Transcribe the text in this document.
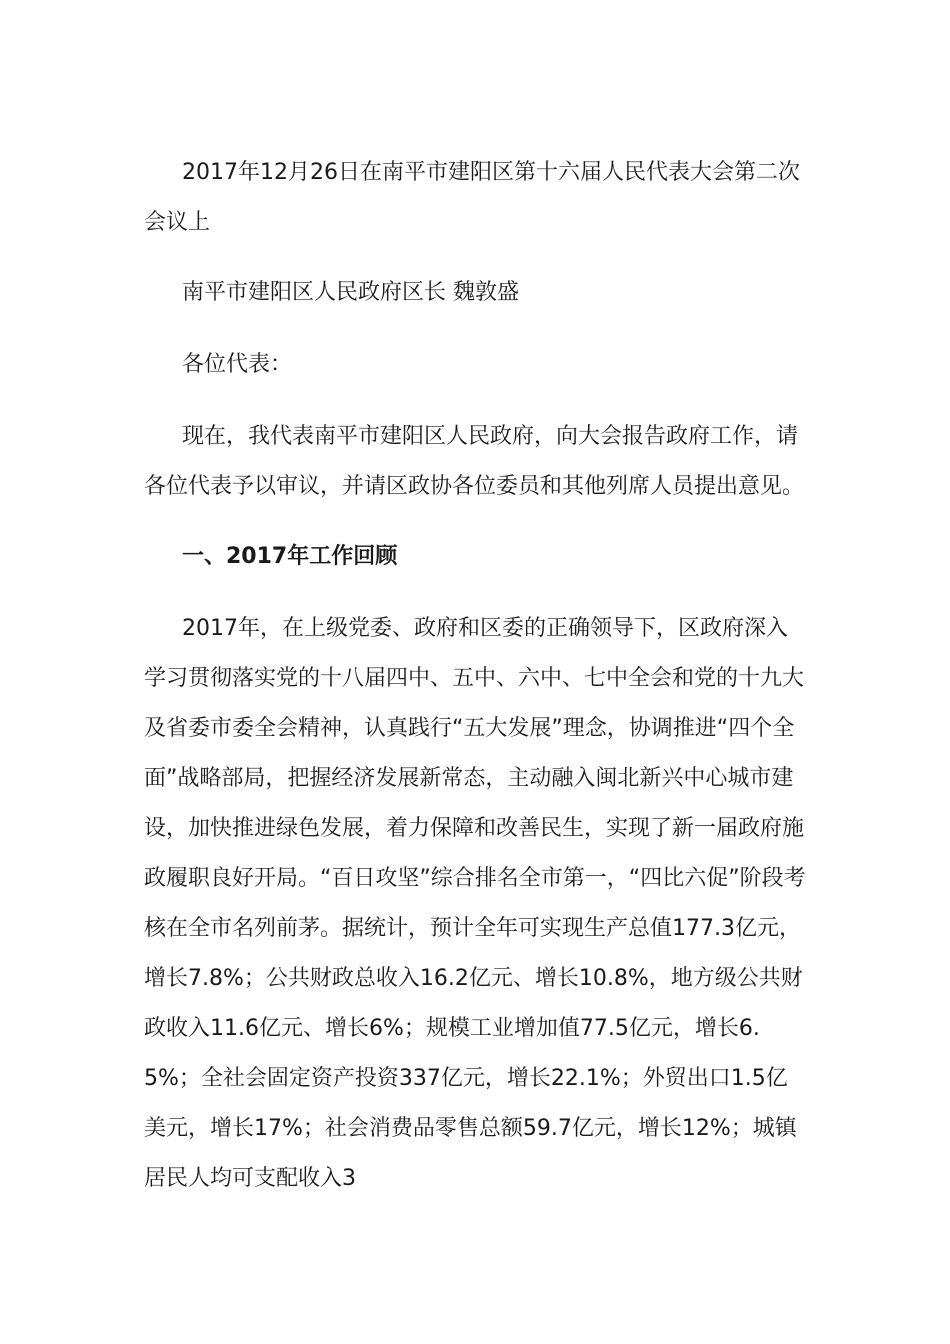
2017年12月26日在南平市建阳区第十六届人民代表大会第二次会议上

南平市建阳区人民政府区长 魏敦盛

各位代表：

现在，我代表南平市建阳区人民政府，向大会报告政府工作，请各位代表予以审议，并请区政协各位委员和其他列席人员提出意见。

一、2017年工作回顾

2017年，在上级党委、政府和区委的正确领导下，区政府深入学习贯彻落实党的十八届四中、五中、六中、七中全会和党的十九大及省委市委全会精神，认真践行“五大发展”理念，协调推进“四个全面”战略部局，把握经济发展新常态，主动融入闽北新兴中心城市建设，加快推进绿色发展，着力保障和改善民生，实现了新一届政府施政履职良好开局。“百日攻坚”综合排名全市第一，“四比六促”阶段考核在全市名列前茅。据统计，预计全年可实现生产总值177.3亿元，增长7.8%；公共财政总收入16.2亿元、增长10.8%，地方级公共财政收入11.6亿元、增长6%；规模工业增加值77.5亿元，增长6.5%；全社会固定资产投资337亿元，增长22.1%；外贸出口1.5亿美元，增长17%；社会消费品零售总额59.7亿元，增长12%；城镇居民人均可支配收入3
